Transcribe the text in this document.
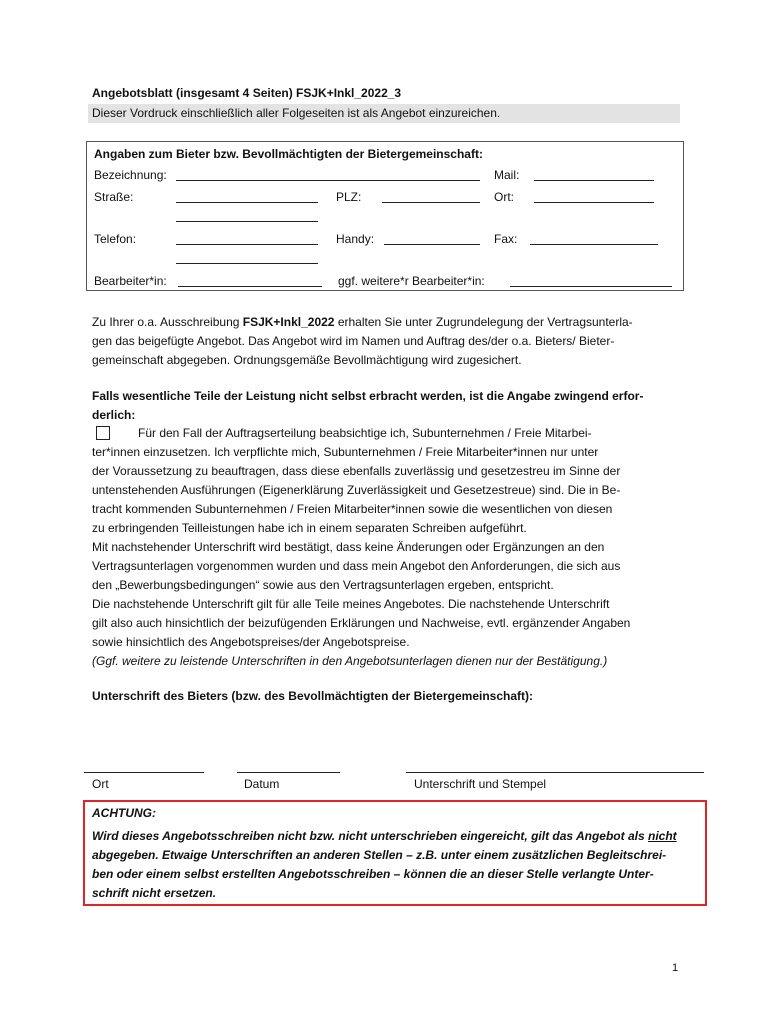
Angebotsblatt (insgesamt 4 Seiten) FSJK+Inkl_2022_3
Dieser Vordruck einschließlich aller Folgeseiten ist als Angebot einzureichen.
Angaben zum Bieter bzw. Bevollmächtigten der Bietergemeinschaft:
Bezeichnung:	Mail:
Straße:	PLZ:	Ort:
Telefon:	Handy:	Fax:
Bearbeiter*in:	ggf. weitere*r Bearbeiter*in:
Zu Ihrer o.a. Ausschreibung FSJK+Inkl_2022 erhalten Sie unter Zugrundelegung der Vertragsunterla-
gen das beigefügte Angebot. Das Angebot wird im Namen und Auftrag des/der o.a. Bieters/ Bieter-
gemeinschaft abgegeben. Ordnungsgemäße Bevollmächtigung wird zugesichert.
Falls wesentliche Teile der Leistung nicht selbst erbracht werden, ist die Angabe zwingend erfor-
derlich:
Für den Fall der Auftragserteilung beabsichtige ich, Subunternehmen / Freie Mitarbei-
ter*innen einzusetzen. Ich verpflichte mich, Subunternehmen / Freie Mitarbeiter*innen nur unter
der Voraussetzung zu beauftragen, dass diese ebenfalls zuverlässig und gesetzestreu im Sinne der
untenstehenden Ausführungen (Eigenerklärung Zuverlässigkeit und Gesetzestreue) sind. Die in Be-
tracht kommenden Subunternehmen / Freien Mitarbeiter*innen sowie die wesentlichen von diesen
zu erbringenden Teilleistungen habe ich in einem separaten Schreiben aufgeführt.
Mit nachstehender Unterschrift wird bestätigt, dass keine Änderungen oder Ergänzungen an den
Vertragsunterlagen vorgenommen wurden und dass mein Angebot den Anforderungen, die sich aus
den „Bewerbungsbedingungen“ sowie aus den Vertragsunterlagen ergeben, entspricht.
Die nachstehende Unterschrift gilt für alle Teile meines Angebotes. Die nachstehende Unterschrift
gilt also auch hinsichtlich der beizufügenden Erklärungen und Nachweise, evtl. ergänzender Angaben
sowie hinsichtlich des Angebotspreises/der Angebotspreise.
(Ggf. weitere zu leistende Unterschriften in den Angebotsunterlagen dienen nur der Bestätigung.)
Unterschrift des Bieters (bzw. des Bevollmächtigten der Bietergemeinschaft):
Ort	Datum	Unterschrift und Stempel
ACHTUNG:
Wird dieses Angebotsschreiben nicht bzw. nicht unterschrieben eingereicht, gilt das Angebot als nicht
abgegeben. Etwaige Unterschriften an anderen Stellen – z.B. unter einem zusätzlichen Begleitschrei-
ben oder einem selbst erstellten Angebotsschreiben – können die an dieser Stelle verlangte Unter-
schrift nicht ersetzen.
1
